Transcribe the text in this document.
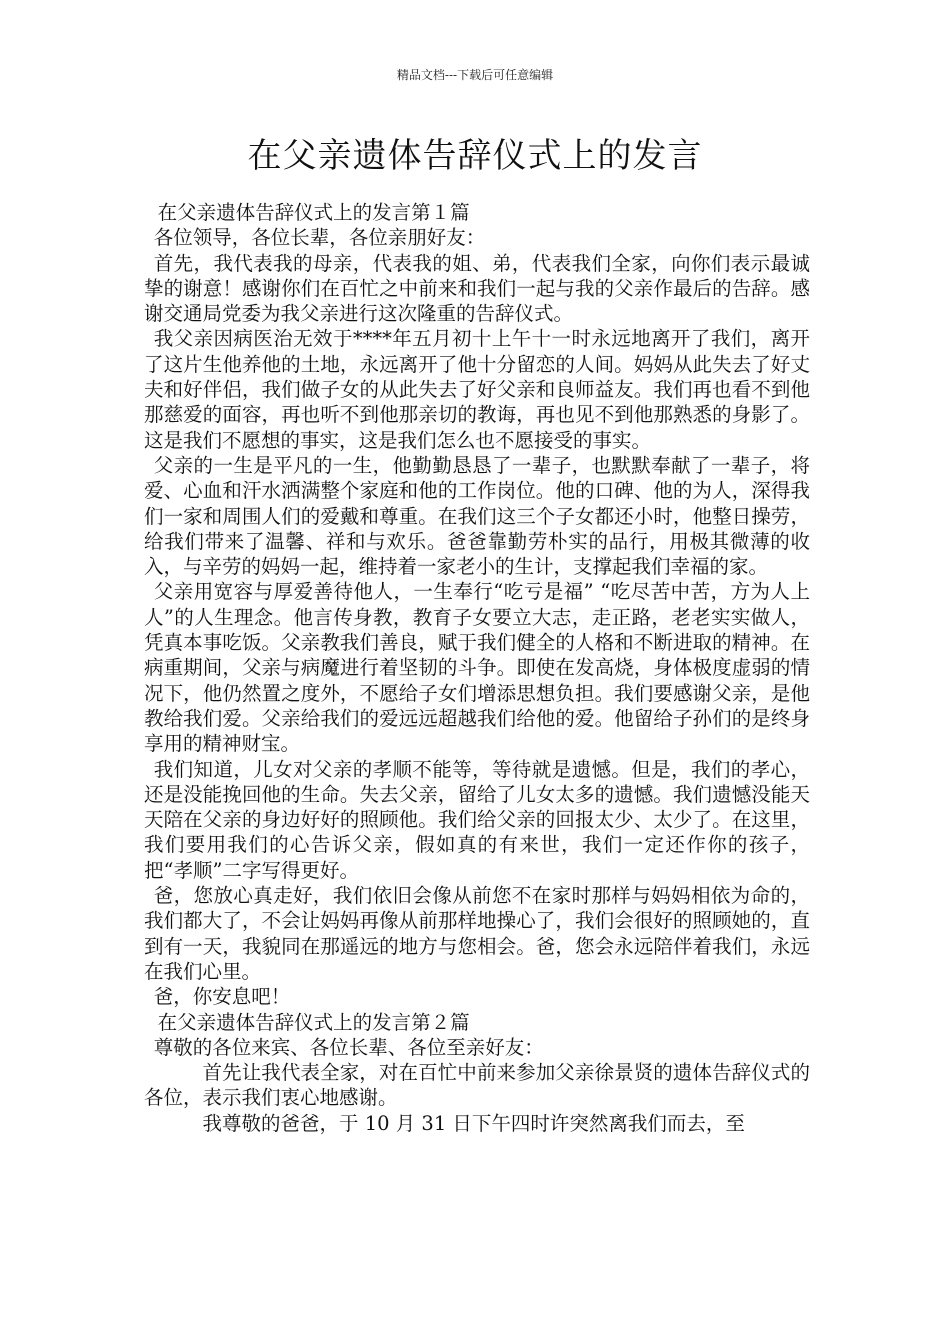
精品文档---下载后可任意编辑
在父亲遗体告辞仪式上的发言

在父亲遗体告辞仪式上的发言第１篇

各位领导，各位长辈，各位亲朋好友：

首先，我代表我的母亲，代表我的姐、弟，代表我们全家，向你们表示最诚挚的谢意！感谢你们在百忙之中前来和我们一起与我的父亲作最后的告辞。感谢交通局党委为我父亲进行这次隆重的告辞仪式。

我父亲因病医治无效于****年五月初十上午十一时永远地离开了我们，离开了这片生他养他的土地，永远离开了他十分留恋的人间。妈妈从此失去了好丈夫和好伴侣，我们做子女的从此失去了好父亲和良师益友。我们再也看不到他那慈爱的面容，再也听不到他那亲切的教诲，再也见不到他那熟悉的身影了。这是我们不愿想的事实，这是我们怎么也不愿接受的事实。

父亲的一生是平凡的一生，他勤勤恳恳了一辈子，也默默奉献了一辈子，将爱、心血和汗水洒满整个家庭和他的工作岗位。他的口碑、他的为人，深得我们一家和周围人们的爱戴和尊重。在我们这三个子女都还小时，他整日操劳，给我们带来了温馨、祥和与欢乐。爸爸靠勤劳朴实的品行，用极其微薄的收入，与辛劳的妈妈一起，维持着一家老小的生计，支撑起我们幸福的家。

父亲用宽容与厚爱善待他人，一生奉行“吃亏是福” “吃尽苦中苦，方为人上人”的人生理念。他言传身教，教育子女要立大志，走正路，老老实实做人，凭真本事吃饭。父亲教我们善良，赋于我们健全的人格和不断进取的精神。在病重期间，父亲与病魔进行着坚韧的斗争。即使在发高烧，身体极度虚弱的情况下，他仍然置之度外，不愿给子女们增添思想负担。我们要感谢父亲，是他教给我们爱。父亲给我们的爱远远超越我们给他的爱。他留给子孙们的是终身享用的精神财宝。

我们知道，儿女对父亲的孝顺不能等，等待就是遗憾。但是，我们的孝心，还是没能挽回他的生命。失去父亲，留给了儿女太多的遗憾。我们遗憾没能天天陪在父亲的身边好好的照顾他。我们给父亲的回报太少、太少了。在这里，我们要用我们的心告诉父亲，假如真的有来世，我们一定还作你的孩子，把“孝顺”二字写得更好。

爸，您放心真走好，我们依旧会像从前您不在家时那样与妈妈相依为命的，我们都大了，不会让妈妈再像从前那样地操心了，我们会很好的照顾她的，直到有一天，我貌同在那遥远的地方与您相会。爸，您会永远陪伴着我们，永远在我们心里。

爸，你安息吧！

在父亲遗体告辞仪式上的发言第２篇

尊敬的各位来宾、各位长辈、各位至亲好友：

首先让我代表全家，对在百忙中前来参加父亲徐景贤的遗体告辞仪式的各位，表示我们衷心地感谢。

我尊敬的爸爸，于 10 月 31 日下午四时许突然离我们而去，至
